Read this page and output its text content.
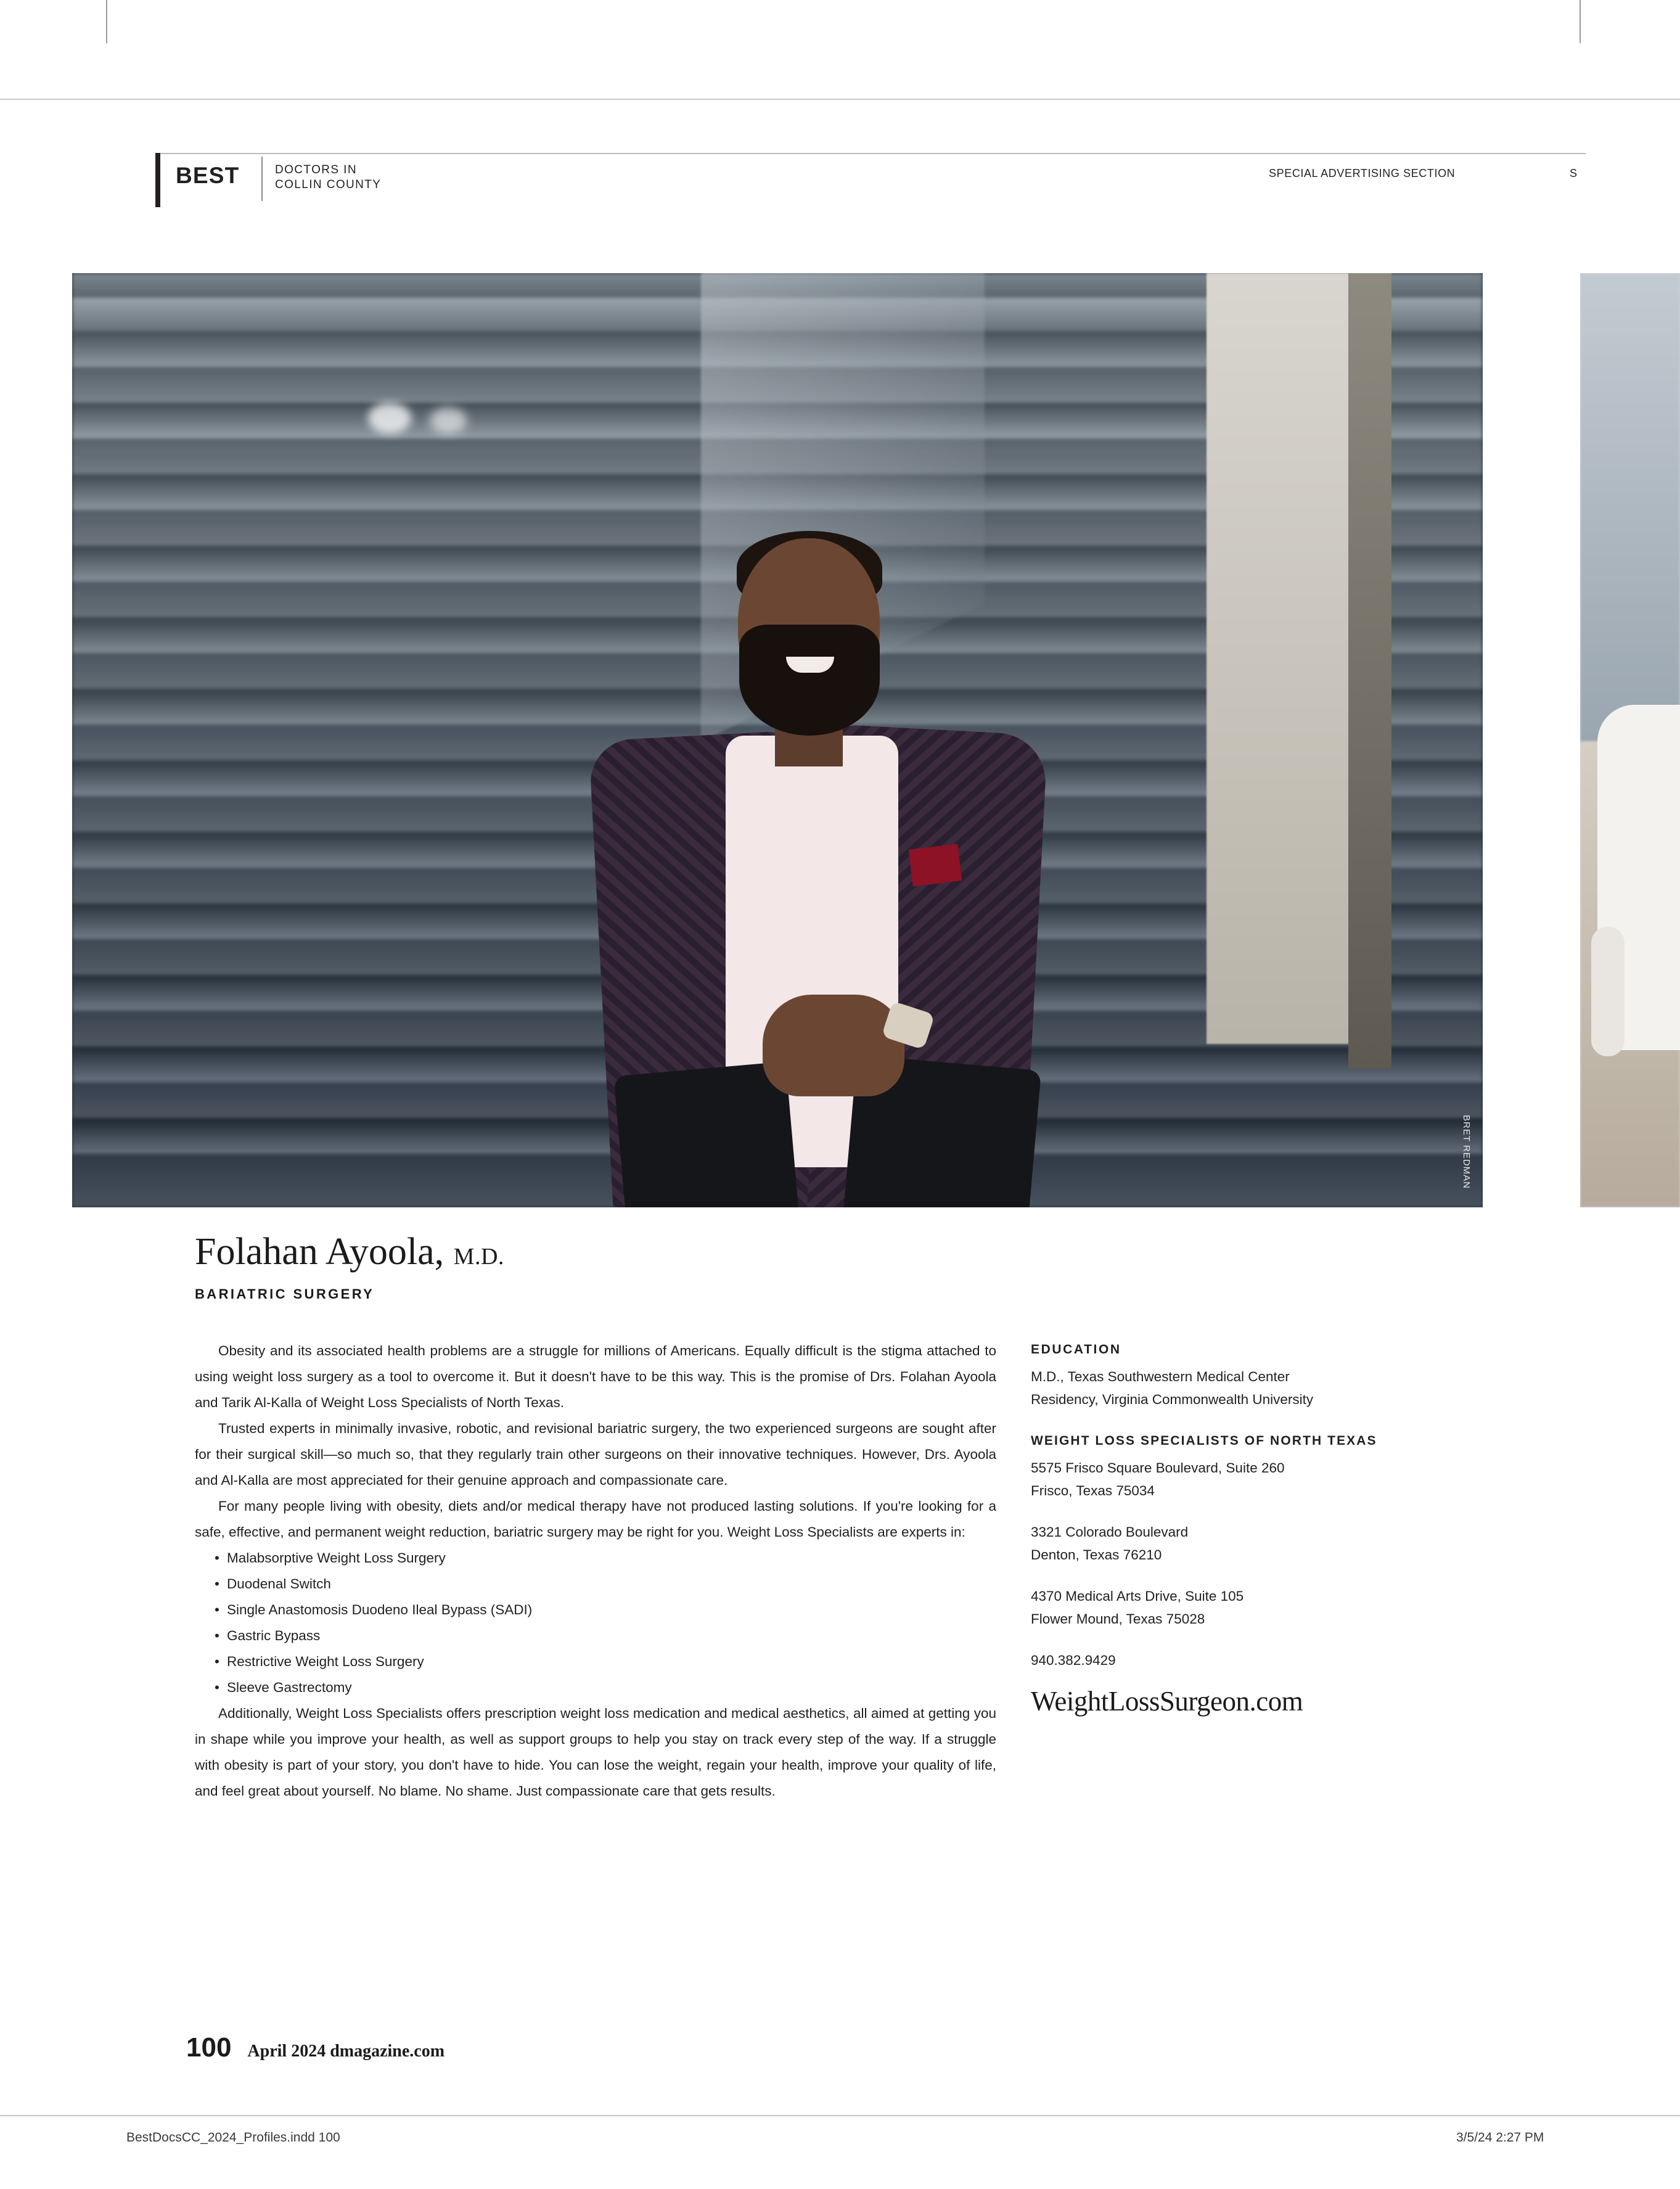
BEST	DOCTORS IN
COLLIN COUNTY
SPECIAL ADVERTISING SECTION	S
BRET REDMAN
Folahan Ayoola, M.D.
BARIATRIC SURGERY

Obesity and its associated health problems are a struggle for millions of Americans. Equally difficult is the stigma attached to using weight loss surgery as a tool to overcome it. But it doesn't have to be this way. This is the promise of Drs. Folahan Ayoola and Tarik Al-Kalla of Weight Loss Specialists of North Texas.

Trusted experts in minimally invasive, robotic, and revisional bariatric surgery, the two experienced surgeons are sought after for their surgical skill—so much so, that they regularly train other surgeons on their innovative techniques. However, Drs. Ayoola and Al-Kalla are most appreciated for their genuine approach and compassionate care.

For many people living with obesity, diets and/or medical therapy have not produced lasting solutions. If you're looking for a safe, effective, and permanent weight reduction, bariatric surgery may be right for you. Weight Loss Specialists are experts in:

• Malabsorptive Weight Loss Surgery
• Duodenal Switch
• Single Anastomosis Duodeno Ileal Bypass (SADI)
• Gastric Bypass
• Restrictive Weight Loss Surgery
• Sleeve Gastrectomy

Additionally, Weight Loss Specialists offers prescription weight loss medication and medical aesthetics, all aimed at getting you in shape while you improve your health, as well as support groups to help you stay on track every step of the way. If a struggle with obesity is part of your story, you don't have to hide. You can lose the weight, regain your health, improve your quality of life, and feel great about yourself. No blame. No shame. Just compassionate care that gets results.

EDUCATION
M.D., Texas Southwestern Medical Center
Residency, Virginia Commonwealth University
WEIGHT LOSS SPECIALISTS OF NORTH TEXAS
5575 Frisco Square Boulevard, Suite 260
Frisco, Texas 75034
3321 Colorado Boulevard
Denton, Texas 76210
4370 Medical Arts Drive, Suite 105
Flower Mound, Texas 75028
940.382.9429
WeightLossSurgeon.com
100 April 2024 dmagazine.com
BestDocsCC_2024_Profiles.indd 100	3/5/24 2:27 PM
